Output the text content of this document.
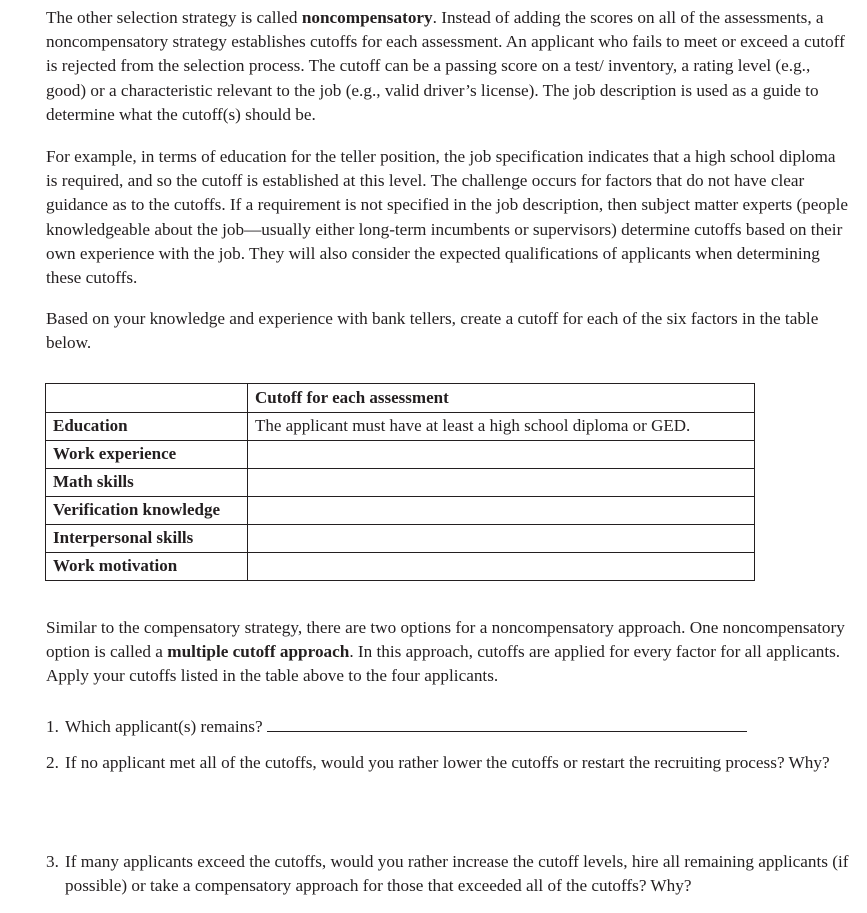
The other selection strategy is called noncompensatory. Instead of adding the scores on all of the assessments, a noncompensatory strategy establishes cutoffs for each assessment. An applicant who fails to meet or exceed a cutoff is rejected from the selection process. The cutoff can be a passing score on a test/ inventory, a rating level (e.g., good) or a characteristic relevant to the job (e.g., valid driver’s license). The job description is used as a guide to determine what the cutoff(s) should be.

For example, in terms of education for the teller position, the job specification indicates that a high school diploma is required, and so the cutoff is established at this level. The challenge occurs for factors that do not have clear guidance as to the cutoffs. If a requirement is not specified in the job description, then subject matter experts (people knowledgeable about the job—usually either long-term incumbents or supervisors) determine cutoffs based on their own experience with the job. They will also consider the expected qualifications of applicants when determining these cutoffs.

Based on your knowledge and experience with bank tellers, create a cutoff for each of the six factors in the table below.

	Cutoff for each assessment
Education	The applicant must have at least a high school diploma or GED.
Work experience	
Math skills	
Verification knowledge	
Interpersonal skills	
Work motivation	

Similar to the compensatory strategy, there are two options for a noncompensatory approach. One noncompensatory option is called a multiple cutoff approach. In this approach, cutoffs are applied for every factor for all applicants. Apply your cutoffs listed in the table above to the four applicants.

1. Which applicant(s) remains?
2. If no applicant met all of the cutoffs, would you rather lower the cutoffs or restart the recruiting process? Why?
3. If many applicants exceed the cutoffs, would you rather increase the cutoff levels, hire all remaining applicants (if possible) or take a compensatory approach for those that exceeded all of the cutoffs? Why?
